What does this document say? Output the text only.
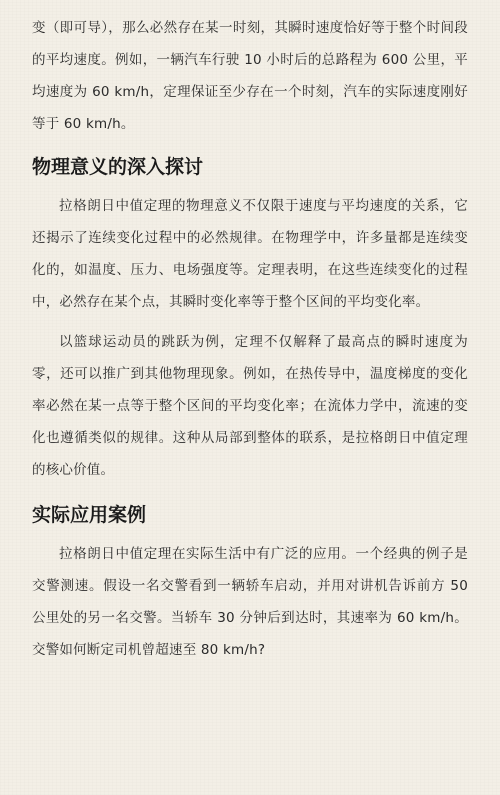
变（即可导），那么必然存在某一时刻，其瞬时速度恰好等于整个时间段的平均速度。例如，一辆汽车行驶 10 小时后的总路程为 600 公里，平均速度为 60 km/h，定理保证至少存在一个时刻，汽车的实际速度刚好等于 60 km/h。

物理意义的深入探讨

拉格朗日中值定理的物理意义不仅限于速度与平均速度的关系，它还揭示了连续变化过程中的必然规律。在物理学中，许多量都是连续变化的，如温度、压力、电场强度等。定理表明，在这些连续变化的过程中，必然存在某个点，其瞬时变化率等于整个区间的平均变化率。

以篮球运动员的跳跃为例，定理不仅解释了最高点的瞬时速度为零，还可以推广到其他物理现象。例如，在热传导中，温度梯度的变化率必然在某一点等于整个区间的平均变化率；在流体力学中，流速的变化也遵循类似的规律。这种从局部到整体的联系，是拉格朗日中值定理的核心价值。

实际应用案例

拉格朗日中值定理在实际生活中有广泛的应用。一个经典的例子是交警测速。假设一名交警看到一辆轿车启动，并用对讲机告诉前方 50 公里处的另一名交警。当轿车 30 分钟后到达时，其速率为 60 km/h。交警如何断定司机曾超速至 80 km/h?
